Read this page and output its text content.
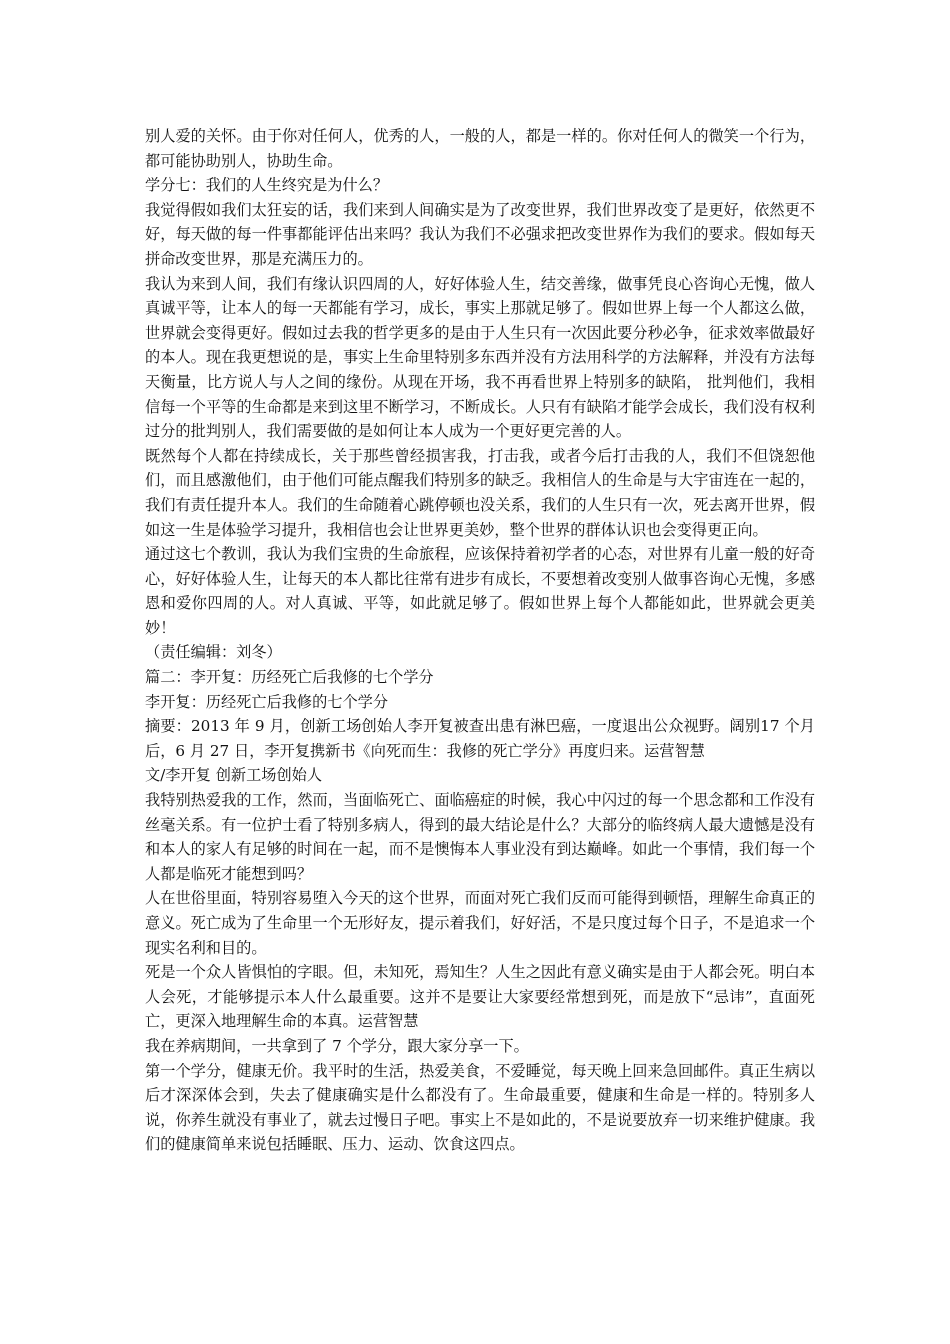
别人爱的关怀。由于你对任何人，优秀的人，一般的人，都是一样的。你对任何人的微笑一个行为，都可能协助别人，协助生命。

学分七：我们的人生终究是为什么？

我觉得假如我们太狂妄的话，我们来到人间确实是为了改变世界，我们世界改变了是更好，依然更不好，每天做的每一件事都能评估出来吗？我认为我们不必强求把改变世界作为我们的要求。假如每天拼命改变世界，那是充满压力的。

我认为来到人间，我们有缘认识四周的人，好好体验人生，结交善缘，做事凭良心咨询心无愧，做人真诚平等，让本人的每一天都能有学习，成长，事实上那就足够了。假如世界上每一个人都这么做，世界就会变得更好。假如过去我的哲学更多的是由于人生只有一次因此要分秒必争，征求效率做最好的本人。现在我更想说的是，事实上生命里特别多东西并没有方法用科学的方法解释，并没有方法每天衡量，比方说人与人之间的缘份。从现在开场，我不再看世界上特别多的缺陷， 批判他们，我相信每一个平等的生命都是来到这里不断学习，不断成长。人只有有缺陷才能学会成长，我们没有权利过分的批判别人，我们需要做的是如何让本人成为一个更好更完善的人。

既然每个人都在持续成长，关于那些曾经损害我，打击我，或者今后打击我的人，我们不但饶恕他们，而且感激他们，由于他们可能点醒我们特别多的缺乏。我相信人的生命是与大宇宙连在一起的，我们有责任提升本人。我们的生命随着心跳停顿也没关系，我们的人生只有一次，死去离开世界，假如这一生是体验学习提升，我相信也会让世界更美妙，整个世界的群体认识也会变得更正向。

通过这七个教训，我认为我们宝贵的生命旅程，应该保持着初学者的心态，对世界有儿童一般的好奇心，好好体验人生，让每天的本人都比往常有进步有成长，不要想着改变别人做事咨询心无愧，多感恩和爱你四周的人。对人真诚、平等，如此就足够了。假如世界上每个人都能如此，世界就会更美妙！

（责任编辑：刘冬）

篇二：李开复：历经死亡后我修的七个学分

李开复：历经死亡后我修的七个学分

摘要：2013 年 9 月，创新工场创始人李开复被查出患有淋巴癌，一度退出公众视野。阔别17 个月后，6 月 27 日，李开复携新书《向死而生：我修的死亡学分》再度归来。运营智慧

文/李开复 创新工场创始人

我特别热爱我的工作，然而，当面临死亡、面临癌症的时候，我心中闪过的每一个思念都和工作没有丝毫关系。有一位护士看了特别多病人，得到的最大结论是什么？大部分的临终病人最大遗憾是没有和本人的家人有足够的时间在一起，而不是懊悔本人事业没有到达巅峰。如此一个事情，我们每一个人都是临死才能想到吗？

人在世俗里面，特别容易堕入今天的这个世界，而面对死亡我们反而可能得到顿悟，理解生命真正的意义。死亡成为了生命里一个无形好友，提示着我们，好好活，不是只度过每个日子，不是追求一个现实名利和目的。

死是一个众人皆惧怕的字眼。但，未知死，焉知生？人生之因此有意义确实是由于人都会死。明白本人会死，才能够提示本人什么最重要。这并不是要让大家要经常想到死，而是放下“忌讳”，直面死亡，更深入地理解生命的本真。运营智慧

我在养病期间，一共拿到了 7 个学分，跟大家分享一下。

第一个学分，健康无价。我平时的生活，热爱美食，不爱睡觉，每天晚上回来急回邮件。真正生病以后才深深体会到，失去了健康确实是什么都没有了。生命最重要，健康和生命是一样的。特别多人说，你养生就没有事业了，就去过慢日子吧。事实上不是如此的，不是说要放弃一切来维护健康。我们的健康简单来说包括睡眠、压力、运动、饮食这四点。
